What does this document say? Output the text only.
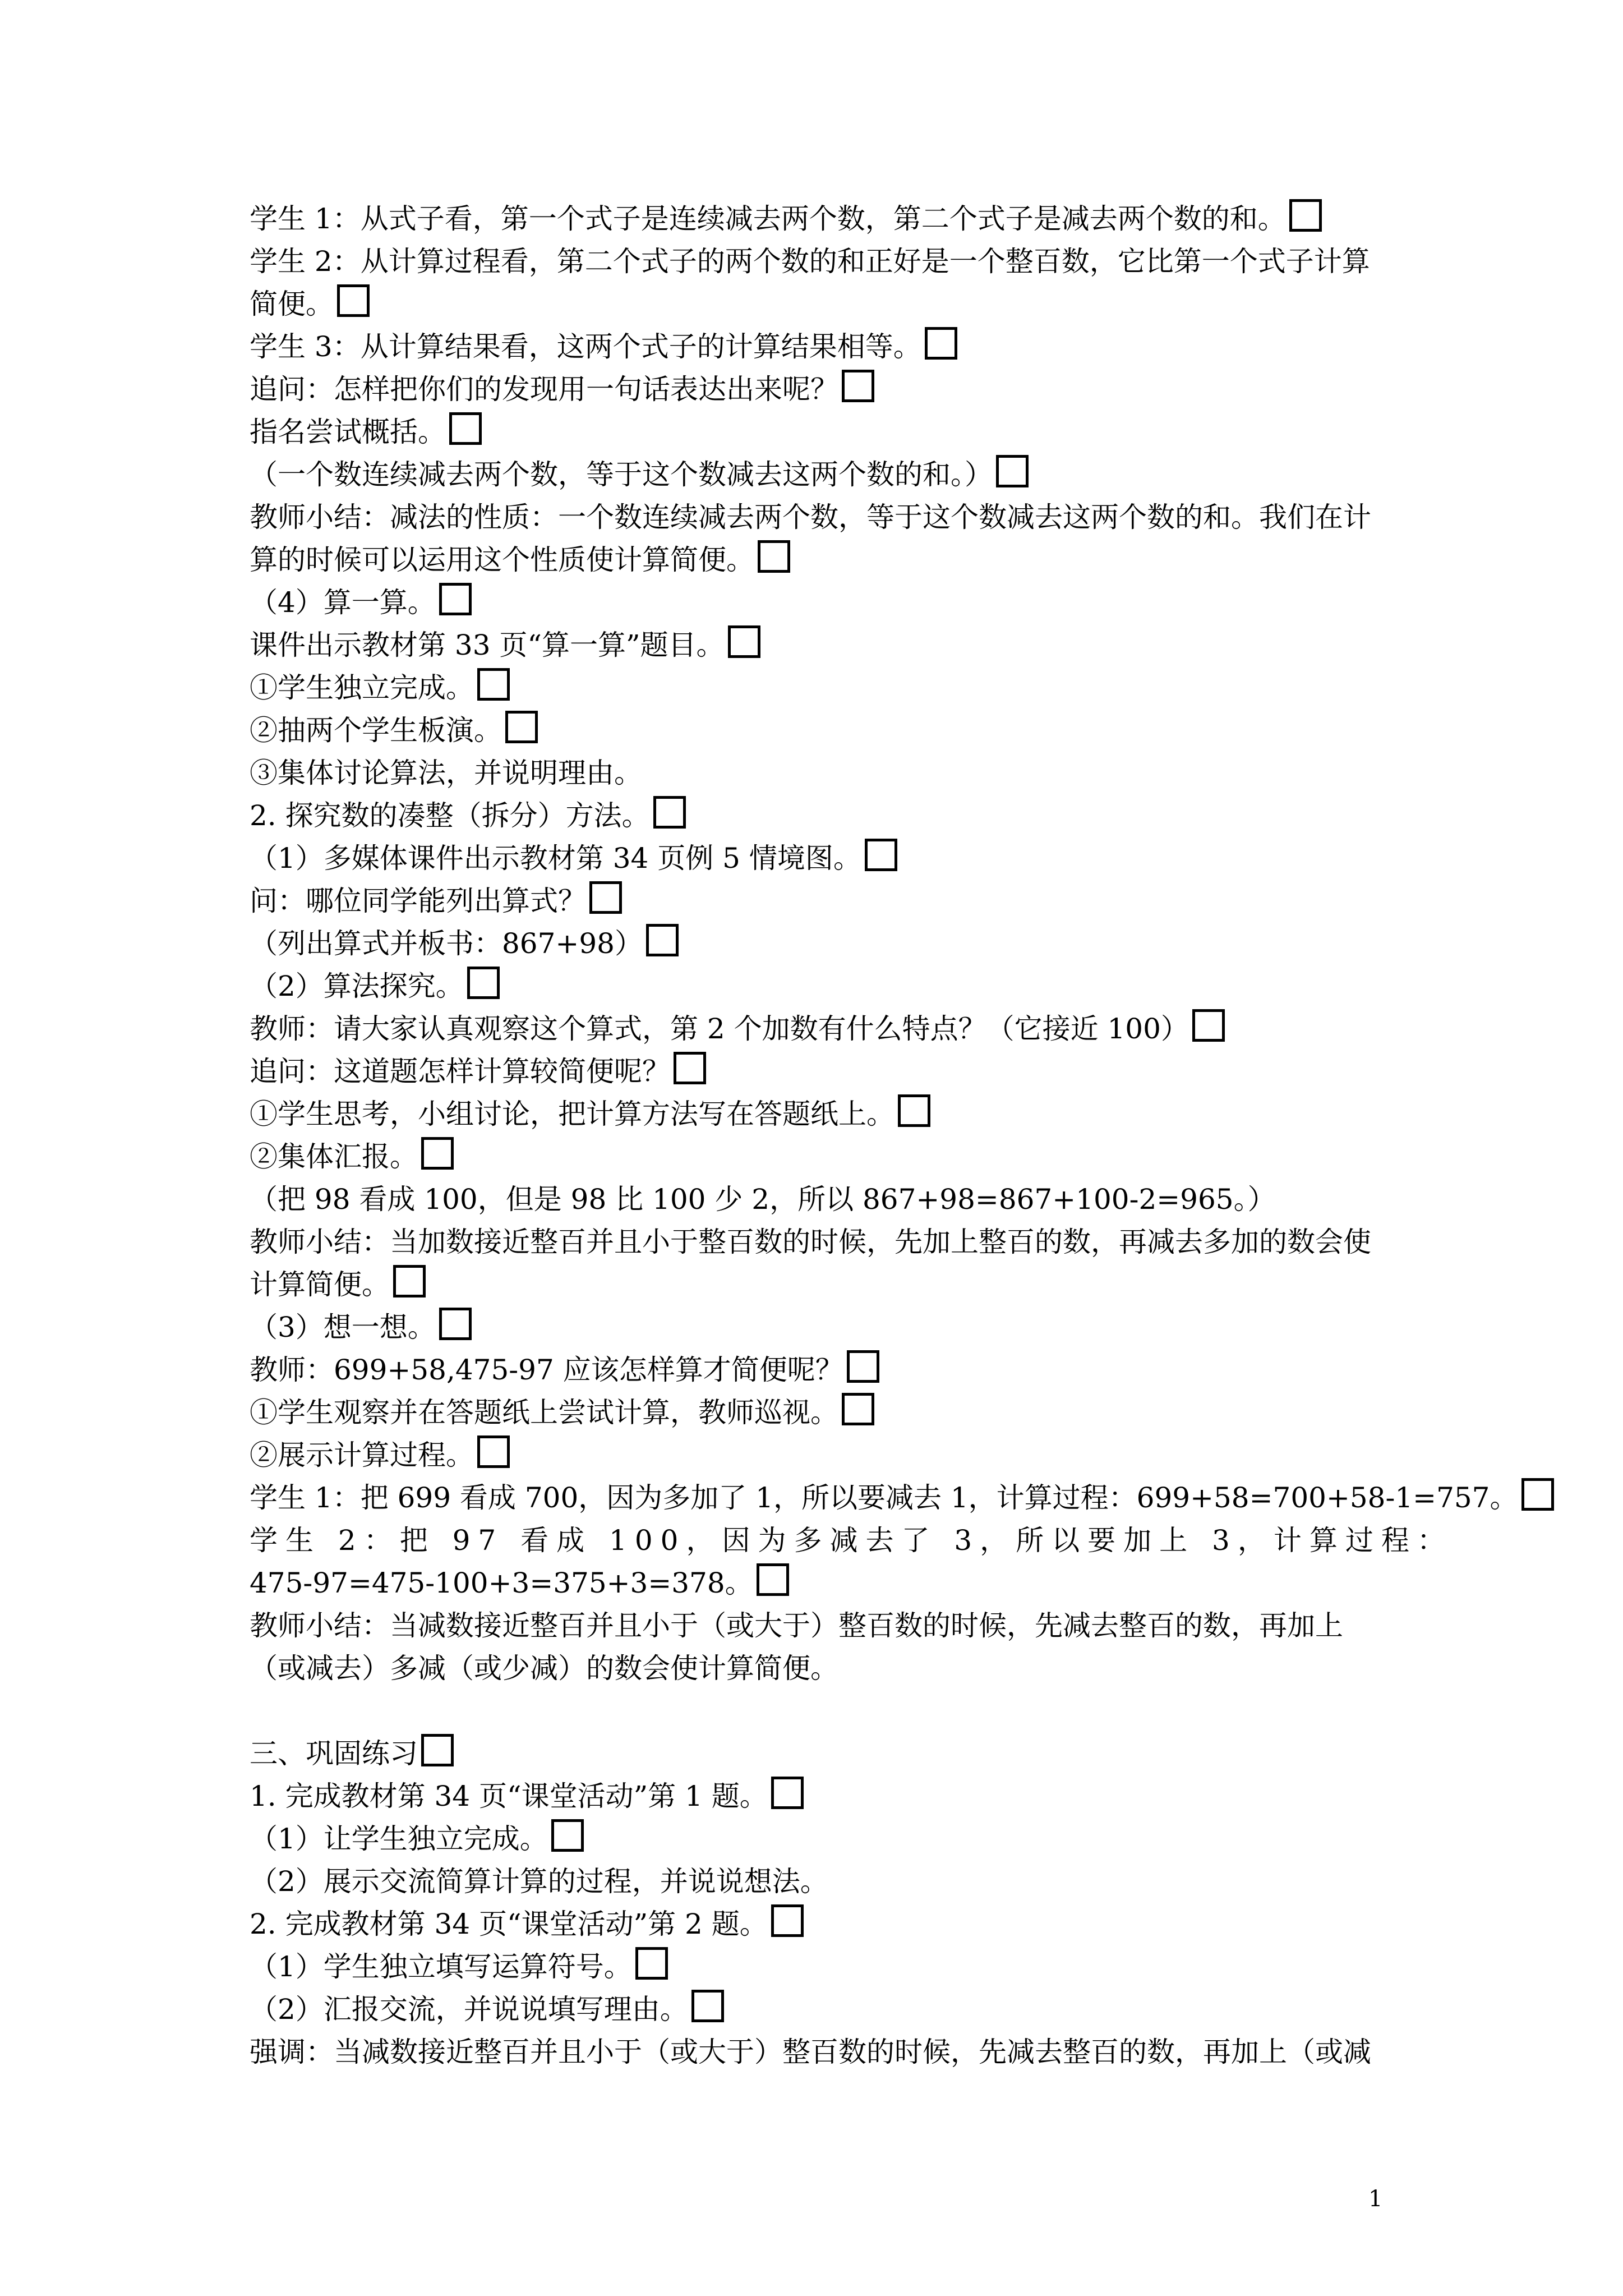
学生 1：从式子看，第一个式子是连续减去两个数，第二个式子是减去两个数的和。
学生 2：从计算过程看，第二个式子的两个数的和正好是一个整百数，它比第一个式子计算
简便。
学生 3：从计算结果看，这两个式子的计算结果相等。
追问：怎样把你们的发现用一句话表达出来呢？
指名尝试概括。
（一个数连续减去两个数，等于这个数减去这两个数的和。）
教师小结：减法的性质：一个数连续减去两个数，等于这个数减去这两个数的和。我们在计
算的时候可以运用这个性质使计算简便。
（4）算一算。
课件出示教材第 33 页“算一算”题目。
①学生独立完成。
②抽两个学生板演。
③集体讨论算法，并说明理由。
2. 探究数的凑整（拆分）方法。
（1）多媒体课件出示教材第 34 页例 5 情境图。
问：哪位同学能列出算式？
（列出算式并板书：867+98）
（2）算法探究。
教师：请大家认真观察这个算式，第 2 个加数有什么特点？（它接近 100）
追问：这道题怎样计算较简便呢？
①学生思考，小组讨论，把计算方法写在答题纸上。
②集体汇报。
（把 98 看成 100，但是 98 比 100 少 2，所以 867+98=867+100-2=965。）
教师小结：当加数接近整百并且小于整百数的时候，先加上整百的数，再减去多加的数会使
计算简便。
（3）想一想。
教师：699+58,475-97 应该怎样算才简便呢？
①学生观察并在答题纸上尝试计算，教师巡视。
②展示计算过程。
学生 1：把 699 看成 700，因为多加了 1，所以要减去 1，计算过程：699+58=700+58-1=757。
学生 2：把 97 看成 100，因为多减去了 3，所以要加上 3，计算过程：
475-97=475-100+3=375+3=378。
教师小结：当减数接近整百并且小于（或大于）整百数的时候，先减去整百的数，再加上
（或减去）多减（或少减）的数会使计算简便。
三、巩固练习
1. 完成教材第 34 页“课堂活动”第 1 题。
（1）让学生独立完成。
（2）展示交流简算计算的过程，并说说想法。
2. 完成教材第 34 页“课堂活动”第 2 题。
（1）学生独立填写运算符号。
（2）汇报交流，并说说填写理由。
强调：当减数接近整百并且小于（或大于）整百数的时候，先减去整百的数，再加上（或减
1
